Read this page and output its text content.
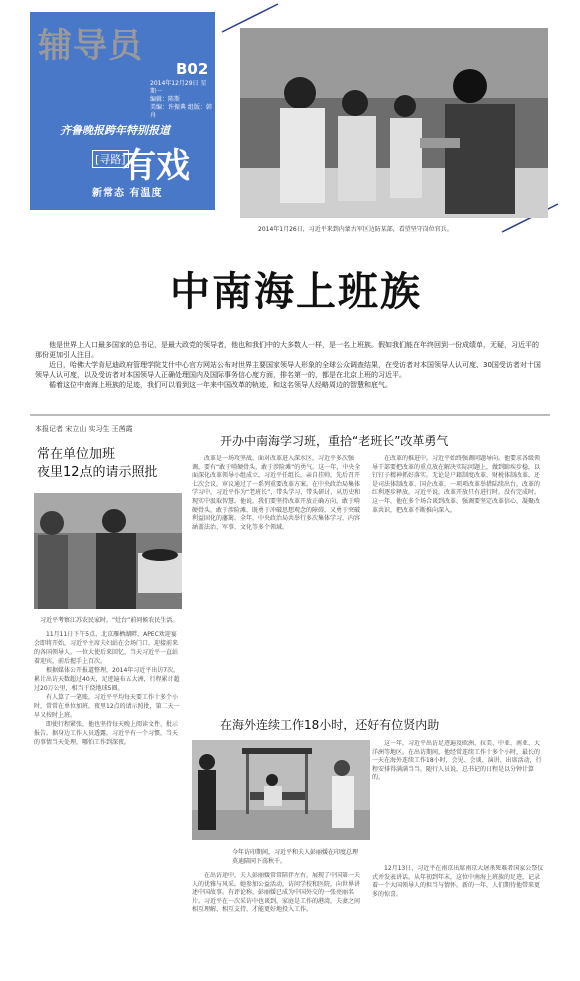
辅导员
B02
2014年12月29日 星期一
编辑：陈斯
美编：许振典 组版：韩舟
齐鲁晚报跨年特别报道
[寻路]
有戏
新常态 有温度
2014年1月26日，习近平来到内蒙古军区边防某部，看望坚守岗位官兵。
中南海上班族

他是世界上人口最多国家的总书记，是最大政党的领导者，他也和我们中的大多数人一样，是一名上班族。假如我们能在年终回到一份成绩单，无疑，习近平的那份更加引人注目。

近日，哈佛大学肯尼迪政府管理学院艾什中心官方网站公布对世界主要国家领导人形象的全球公众调查结果，在受访者对本国领导人认可度、30国受访者对十国领导人认可度，以及受访者对本国领导人正确处理国内及国际事务信心度方面，排名第一的，都是在北京上班的习近平。

循着这位中南海上班族的足迹，我们可以看到这一年来中国改革的轨迹，和这名领导人经略周边的智慧和底气。

本报记者 宋立山 实习生 王茜霞
常在单位加班
夜里12点的请示照批
习近平考察江苏农民家时，“灶台”前问候农民生活。

11月11日下午5点，北京雁栖湖畔，APEC欢迎宴会即将开始，习近平主席夫妇站在会场门口，迎接前来的各国领导人。一位大使后来回忆，当天习近平一直站着迎宾，前后握手上百次。

根据媒体公开报道整理，2014年习近平出访7次，累计出访天数超过40天，足迹遍布五大洲，行程累计超过20万公里，相当于绕地球5圈。

有人算了一笔账，习近平平均每天要工作十多个小时，常常在单位加班，夜里12点的请示照批，第二天一早又按时上班。

即使行程紧张，他也坚持每天晚上阅读文件、批示报告。据身边工作人员透露，习近平有一个习惯，当天的事情当天处理，哪怕工作到深夜。

开办中南海学习班，重拾“老班长”改革勇气
改革是一场攻坚战。面对改革进入深水区，习近平多次强调，要有“敢于啃硬骨头，敢于涉险滩”的勇气。这一年，中央全面深化改革领导小组成立，习近平任组长，亲自挂帅，先后召开七次会议，审议通过了一系列重要改革方案。在中央政治局集体学习中，习近平作为“老班长”，带头学习，带头研讨，从历史和现实中汲取智慧。他说，我们要坚持改革开放正确方向，敢于啃硬骨头，敢于涉险滩，既勇于冲破思想观念的障碍，又勇于突破利益固化的藩篱。全年，中央政治局共举行多次集体学习，内容涵盖法治、军事、文化等多个领域。
在改革的推进中，习近平始终强调问题导向。他要求各级领导干部要把改革的重点放在解决实际问题上，做到蹄疾步稳，以钉钉子精神抓好落实。无论是户籍制度改革、财税体制改革，还是司法体制改革、国企改革，一项项改革举措陆续出台，改革的红利逐步释放。习近平说，改革开放只有进行时，没有完成时。这一年，他在多个场合谈到改革，强调要坚定改革信心，凝聚改革共识，把改革不断推向深入。
在海外连续工作18小时，还好有位贤内助
今年访印期间，习近平和夫人彭丽媛在印度总理莫迪陪同下荡秋千。
这一年，习近平出访足迹遍及欧洲、拉美、中亚、南亚、大洋洲等地区。在出访期间，他经常连续工作十多个小时，最长的一天在海外连续工作18小时，会见、会谈、演讲、出席活动，行程安排得满满当当。随行人员说，总书记的日程是以分钟计算的。
在出访途中，夫人彭丽媛常常陪伴左右，展现了中国第一夫人的优雅与风采。她参加公益活动，访问学校和医院，向世界讲述中国故事。有评论称，彭丽媛已成为中国外交的一张亮丽名片。习近平在一次采访中也谈到，家庭是工作的港湾，夫妻之间相互理解、相互支持，才能更好地投入工作。
12月13日，习近平在南京出席南京大屠杀死难者国家公祭仪式并发表讲话。从年初到年末，这位中南海上班族的足迹，记录着一个大国领导人的担当与情怀。新的一年，人们期待他带来更多的惊喜。
